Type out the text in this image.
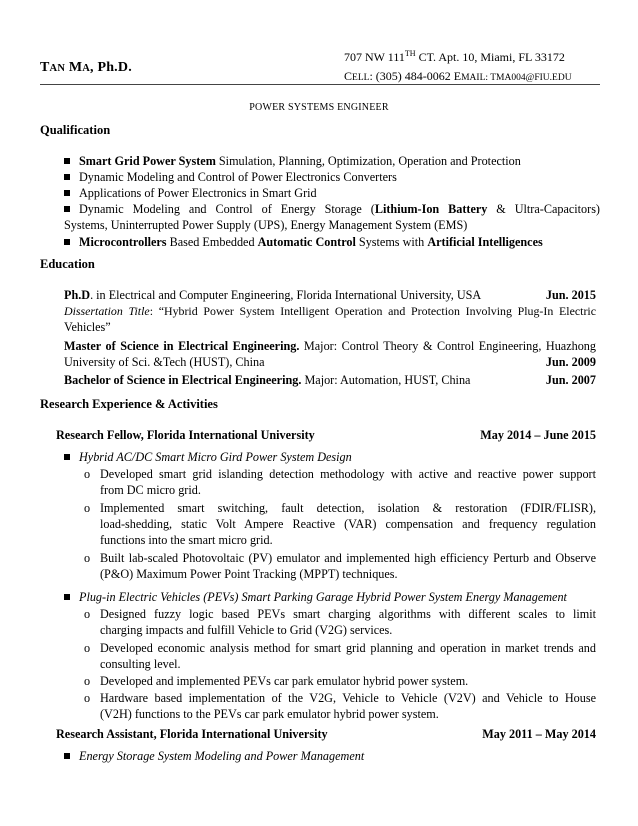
TAN MA, Ph.D.
707 NW 111TH CT. Apt. 10, Miami, FL 33172
CELL: (305) 484-0062 EMAIL: TMA004@FIU.EDU
POWER SYSTEMS ENGINEER
Qualification
Smart Grid Power System Simulation, Planning, Optimization, Operation and Protection
Dynamic Modeling and Control of Power Electronics Converters
Applications of Power Electronics in Smart Grid
Dynamic Modeling and Control of Energy Storage (Lithium-Ion Battery & Ultra-Capacitors)
Systems, Uninterrupted Power Supply (UPS), Energy Management System (EMS)
Microcontrollers Based Embedded Automatic Control Systems with Artificial Intelligences
Education
Ph.D. in Electrical and Computer Engineering, Florida International University, USA	Jun. 2015
Dissertation Title: “Hybrid Power System Intelligent Operation and Protection Involving Plug-In Electric
Vehicles”
Master of Science in Electrical Engineering. Major: Control Theory & Control Engineering, Huazhong
University of Sci. &Tech (HUST), China	Jun. 2009
Bachelor of Science in Electrical Engineering. Major: Automation, HUST, China	Jun. 2007
Research Experience & Activities
Research Fellow, Florida International University	May 2014 – June 2015
Hybrid AC/DC Smart Micro Gird Power System Design
o Developed smart grid islanding detection methodology with active and reactive power support
from DC micro grid.
o Implemented smart switching, fault detection, isolation & restoration (FDIR/FLISR),
load-shedding, static Volt Ampere Reactive (VAR) compensation and frequency regulation
functions into the smart micro grid.
o Built lab-scaled Photovoltaic (PV) emulator and implemented high efficiency Perturb and Observe
(P&O) Maximum Power Point Tracking (MPPT) techniques.
Plug-in Electric Vehicles (PEVs) Smart Parking Garage Hybrid Power System Energy Management
o Designed fuzzy logic based PEVs smart charging algorithms with different scales to limit
charging impacts and fulfill Vehicle to Grid (V2G) services.
o Developed economic analysis method for smart grid planning and operation in market trends and
consulting level.
o Developed and implemented PEVs car park emulator hybrid power system.
o Hardware based implementation of the V2G, Vehicle to Vehicle (V2V) and Vehicle to House
(V2H) functions to the PEVs car park emulator hybrid power system.
Research Assistant, Florida International University	May 2011 – May 2014
Energy Storage System Modeling and Power Management
